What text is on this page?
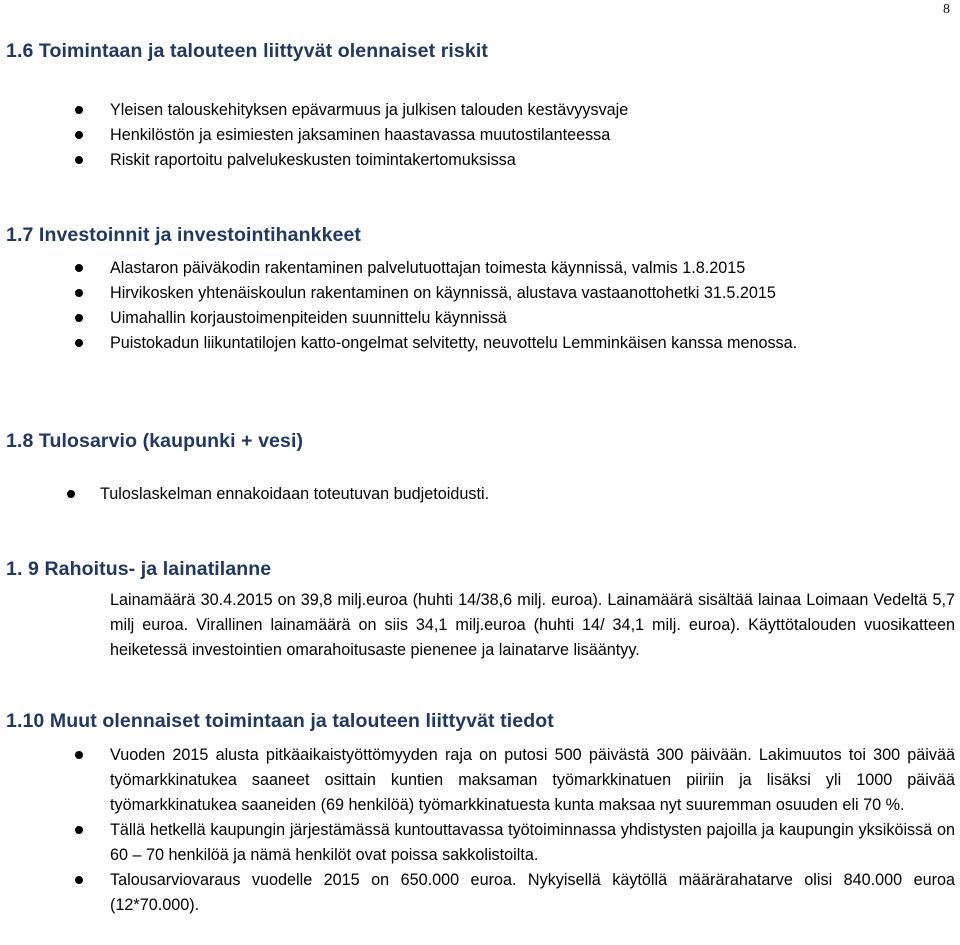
8
1.6 Toimintaan ja talouteen liittyvät olennaiset riskit
Yleisen talouskehityksen epävarmuus ja julkisen talouden kestävyysvaje
Henkilöstön ja esimiesten jaksaminen haastavassa muutostilanteessa
Riskit raportoitu palvelukeskusten toimintakertomuksissa
1.7 Investoinnit ja investointihankkeet
Alastaron päiväkodin rakentaminen palvelutuottajan toimesta käynnissä, valmis 1.8.2015
Hirvikosken yhtenäiskoulun rakentaminen on käynnissä, alustava vastaanottohetki 31.5.2015
Uimahallin korjaustoimenpiteiden suunnittelu käynnissä
Puistokadun liikuntatilojen katto-ongelmat selvitetty, neuvottelu Lemminkäisen kanssa menossa.
1.8 Tulosarvio (kaupunki + vesi)
Tuloslaskelman ennakoidaan toteutuvan budjetoidusti.
1. 9 Rahoitus- ja lainatilanne

Lainamäärä 30.4.2015 on 39,8 milj.euroa (huhti 14/38,6 milj. euroa). Lainamäärä sisältää lainaa Loimaan Vedeltä 5,7 milj euroa. Virallinen lainamäärä on siis 34,1 milj.euroa (huhti 14/ 34,1 milj. euroa). Käyttötalouden vuosikatteen heiketessä investointien omarahoitusaste pienenee ja lainatarve lisääntyy.

1.10 Muut olennaiset toimintaan ja talouteen liittyvät tiedot
Vuoden 2015 alusta pitkäaikaistyöttömyyden raja on putosi 500 päivästä 300 päivään. Lakimuutos toi 300 päivää työmarkkinatukea saaneet osittain kuntien maksaman työmarkkinatuen piiriin ja lisäksi yli 1000 päivää työmarkkinatukea saaneiden (69 henkilöä) työmarkkinatuesta kunta maksaa nyt suuremman osuuden eli 70 %.
Tällä hetkellä kaupungin järjestämässä kuntouttavassa työtoiminnassa yhdistysten pajoilla ja kaupungin yksiköissä on 60 – 70 henkilöä ja nämä henkilöt ovat poissa sakkolistoilta.
Talousarviovaraus vuodelle 2015 on 650.000 euroa. Nykyisellä käytöllä määrärahatarve olisi 840.000 euroa (12*70.000).
